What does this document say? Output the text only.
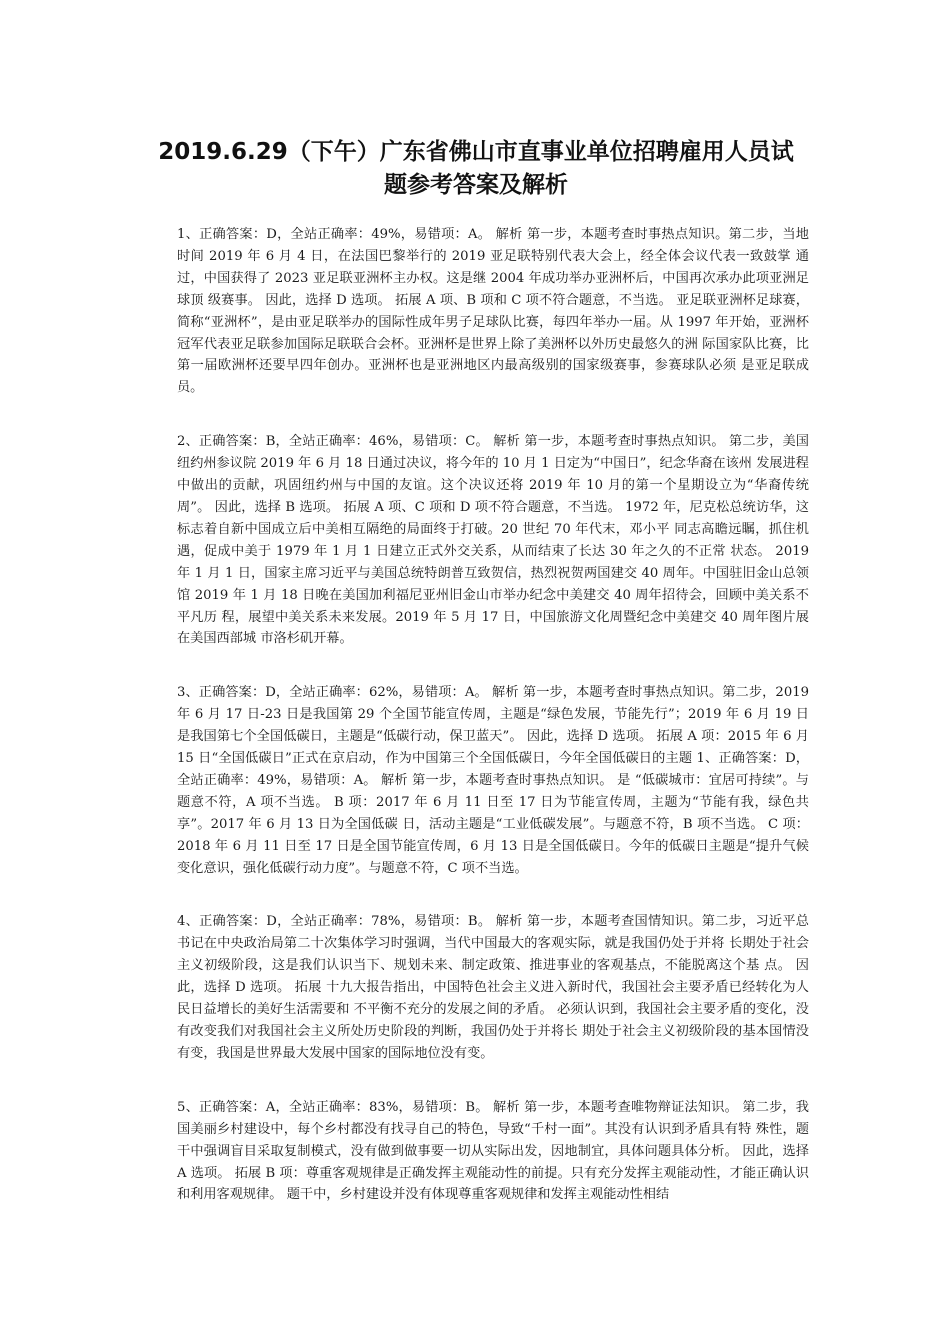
2019.6.29（下午）广东省佛山市直事业单位招聘雇用人员试
题参考答案及解析

1、正确答案：D，全站正确率：49%，易错项：A。 解析 第一步，本题考查时事热点知识。第二步，当地时间 2019 年 6 月 4 日，在法国巴黎举行的 2019 亚足联特别代表大会上，经全体会议代表一致鼓掌 通过，中国获得了 2023 亚足联亚洲杯主办权。这是继 2004 年成功举办亚洲杯后，中国再次承办此项亚洲足球顶 级赛事。 因此，选择 D 选项。 拓展 A 项、B 项和 C 项不符合题意，不当选。 亚足联亚洲杯足球赛，简称“亚洲杯”，是由亚足联举办的国际性成年男子足球队比赛，每四年举办一届。从 1997 年开始，亚洲杯冠军代表亚足联参加国际足联联合会杯。亚洲杯是世界上除了美洲杯以外历史最悠久的洲 际国家队比赛，比第一届欧洲杯还要早四年创办。亚洲杯也是亚洲地区内最高级别的国家级赛事，参赛球队必须 是亚足联成员。

2、正确答案：B，全站正确率：46%，易错项：C。 解析 第一步，本题考查时事热点知识。 第二步，美国纽约州参议院 2019 年 6 月 18 日通过决议，将今年的 10 月 1 日定为“中国日”，纪念华裔在该州 发展进程中做出的贡献，巩固纽约州与中国的友谊。这个决议还将 2019 年 10 月的第一个星期设立为“华裔传统 周”。 因此，选择 B 选项。 拓展 A 项、C 项和 D 项不符合题意，不当选。 1972 年，尼克松总统访华，这标志着自新中国成立后中美相互隔绝的局面终于打破。20 世纪 70 年代末，邓小平 同志高瞻远瞩，抓住机遇，促成中美于 1979 年 1 月 1 日建立正式外交关系，从而结束了长达 30 年之久的不正常 状态。 2019 年 1 月 1 日，国家主席习近平与美国总统特朗普互致贺信，热烈祝贺两国建交 40 周年。中国驻旧金山总领 馆 2019 年 1 月 18 日晚在美国加利福尼亚州旧金山市举办纪念中美建交 40 周年招待会，回顾中美关系不平凡历 程，展望中美关系未来发展。2019 年 5 月 17 日，中国旅游文化周暨纪念中美建交 40 周年图片展在美国西部城 市洛杉矶开幕。

3、正确答案：D，全站正确率：62%，易错项：A。 解析 第一步，本题考查时事热点知识。第二步，2019 年 6 月 17 日-23 日是我国第 29 个全国节能宣传周，主题是“绿色发展，节能先行”；2019 年 6 月 19 日是我国第七个全国低碳日，主题是“低碳行动，保卫蓝天”。 因此，选择 D 选项。 拓展 A 项：2015 年 6 月 15 日“全国低碳日”正式在京启动，作为中国第三个全国低碳日，今年全国低碳日的主题 1、正确答案：D，全站正确率：49%，易错项：A。 解析 第一步，本题考查时事热点知识。 是 “低碳城市：宜居可持续”。与题意不符，A 项不当选。 B 项：2017 年 6 月 11 日至 17 日为节能宣传周，主题为“节能有我，绿色共享”。2017 年 6 月 13 日为全国低碳 日，活动主题是“工业低碳发展”。与题意不符，B 项不当选。 C 项：2018 年 6 月 11 日至 17 日是全国节能宣传周，6 月 13 日是全国低碳日。今年的低碳日主题是“提升气候 变化意识，强化低碳行动力度”。与题意不符，C 项不当选。

4、正确答案：D，全站正确率：78%，易错项：B。 解析 第一步，本题考查国情知识。第二步，习近平总书记在中央政治局第二十次集体学习时强调，当代中国最大的客观实际，就是我国仍处于并将 长期处于社会主义初级阶段，这是我们认识当下、规划未来、制定政策、推进事业的客观基点，不能脱离这个基 点。 因此，选择 D 选项。 拓展 十九大报告指出，中国特色社会主义进入新时代，我国社会主要矛盾已经转化为人民日益增长的美好生活需要和 不平衡不充分的发展之间的矛盾。 必须认识到，我国社会主要矛盾的变化，没有改变我们对我国社会主义所处历史阶段的判断，我国仍处于并将长 期处于社会主义初级阶段的基本国情没有变，我国是世界最大发展中国家的国际地位没有变。

5、正确答案：A，全站正确率：83%，易错项：B。 解析 第一步，本题考查唯物辩证法知识。 第二步，我国美丽乡村建设中，每个乡村都没有找寻自己的特色，导致“千村一面”。其没有认识到矛盾具有特 殊性，题干中强调盲目采取复制模式，没有做到做事要一切从实际出发，因地制宜，具体问题具体分析。 因此，选择 A 选项。 拓展 B 项：尊重客观规律是正确发挥主观能动性的前提。只有充分发挥主观能动性，才能正确认识和利用客观规律。 题干中，乡村建设并没有体现尊重客观规律和发挥主观能动性相结
